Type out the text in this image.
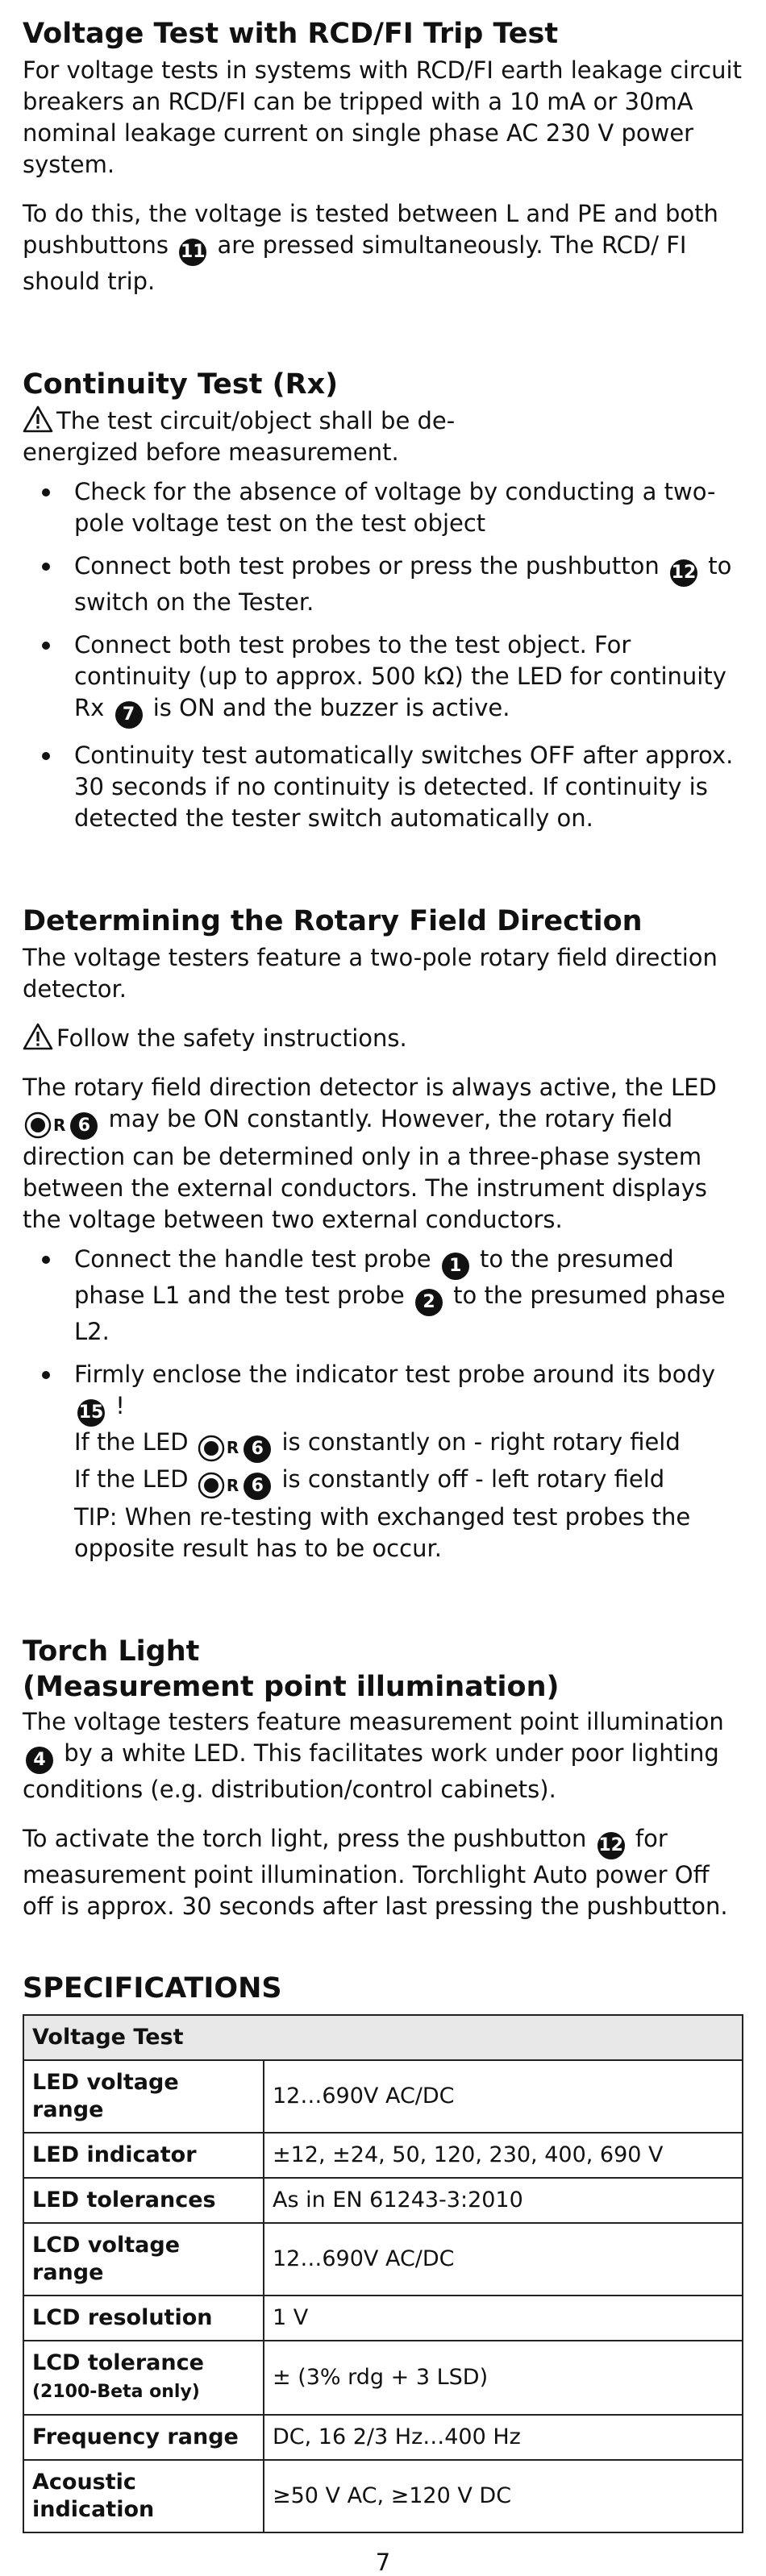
Voltage Test with RCD/FI Trip Test

For voltage tests in systems with RCD/FI earth leakage circuit breakers an RCD/FI can be tripped with a 10 mA or 30mA nominal leakage current on single phase AC 230 V power system.

To do this, the voltage is tested between L and PE and both pushbuttons 11 are pressed simultaneously. The RCD/ FI should trip.

Continuity Test (Rx)

The test circuit/object shall be de-energized before measurement.

Check for the absence of voltage by conducting a two-pole voltage test on the test object
Connect both test probes or press the pushbutton 12 to switch on the Tester.
Connect both test probes to the test object. For continuity (up to approx. 500 kΩ) the LED for continuity Rx 7 is ON and the buzzer is active.
Continuity test automatically switches OFF after approx. 30 seconds if no continuity is detected. If continuity is detected the tester switch automatically on.
Determining the Rotary Field Direction

The voltage testers feature a two-pole rotary field direction detector.

Follow the safety instructions.

The rotary field direction detector is always active, the LED R 6 may be ON constantly. However, the rotary field direction can be determined only in a three-phase system between the external conductors. The instrument displays the voltage between two external conductors.

Connect the handle test probe 1 to the presumed phase L1 and the test probe 2 to the presumed phase L2.
Firmly enclose the indicator test probe around its body 15 !
If the LED R 6 is constantly on - right rotary field
If the LED R 6 is constantly off - left rotary field
TIP: When re-testing with exchanged test probes the opposite result has to be occur.
Torch Light
(Measurement point illumination)

The voltage testers feature measurement point illumination 4 by a white LED. This facilitates work under poor lighting conditions (e.g. distribution/control cabinets).

To activate the torch light, press the pushbutton 12 for measurement point illumination. Torchlight Auto power Off off is approx. 30 seconds after last pressing the pushbutton.

SPECIFICATIONS
Voltage Test	
LED voltage range	12…690V AC/DC
LED indicator	±12, ±24, 50, 120, 230, 400, 690 V
LED tolerances	As in EN 61243-3:2010
LCD voltage range	12…690V AC/DC
LCD resolution	1 V
LCD tolerance
(2100-Beta only)	± (3% rdg + 3 LSD)
Frequency range	DC, 16 2/3 Hz…400 Hz
Acoustic indication	≥50 V AC, ≥120 V DC
7
